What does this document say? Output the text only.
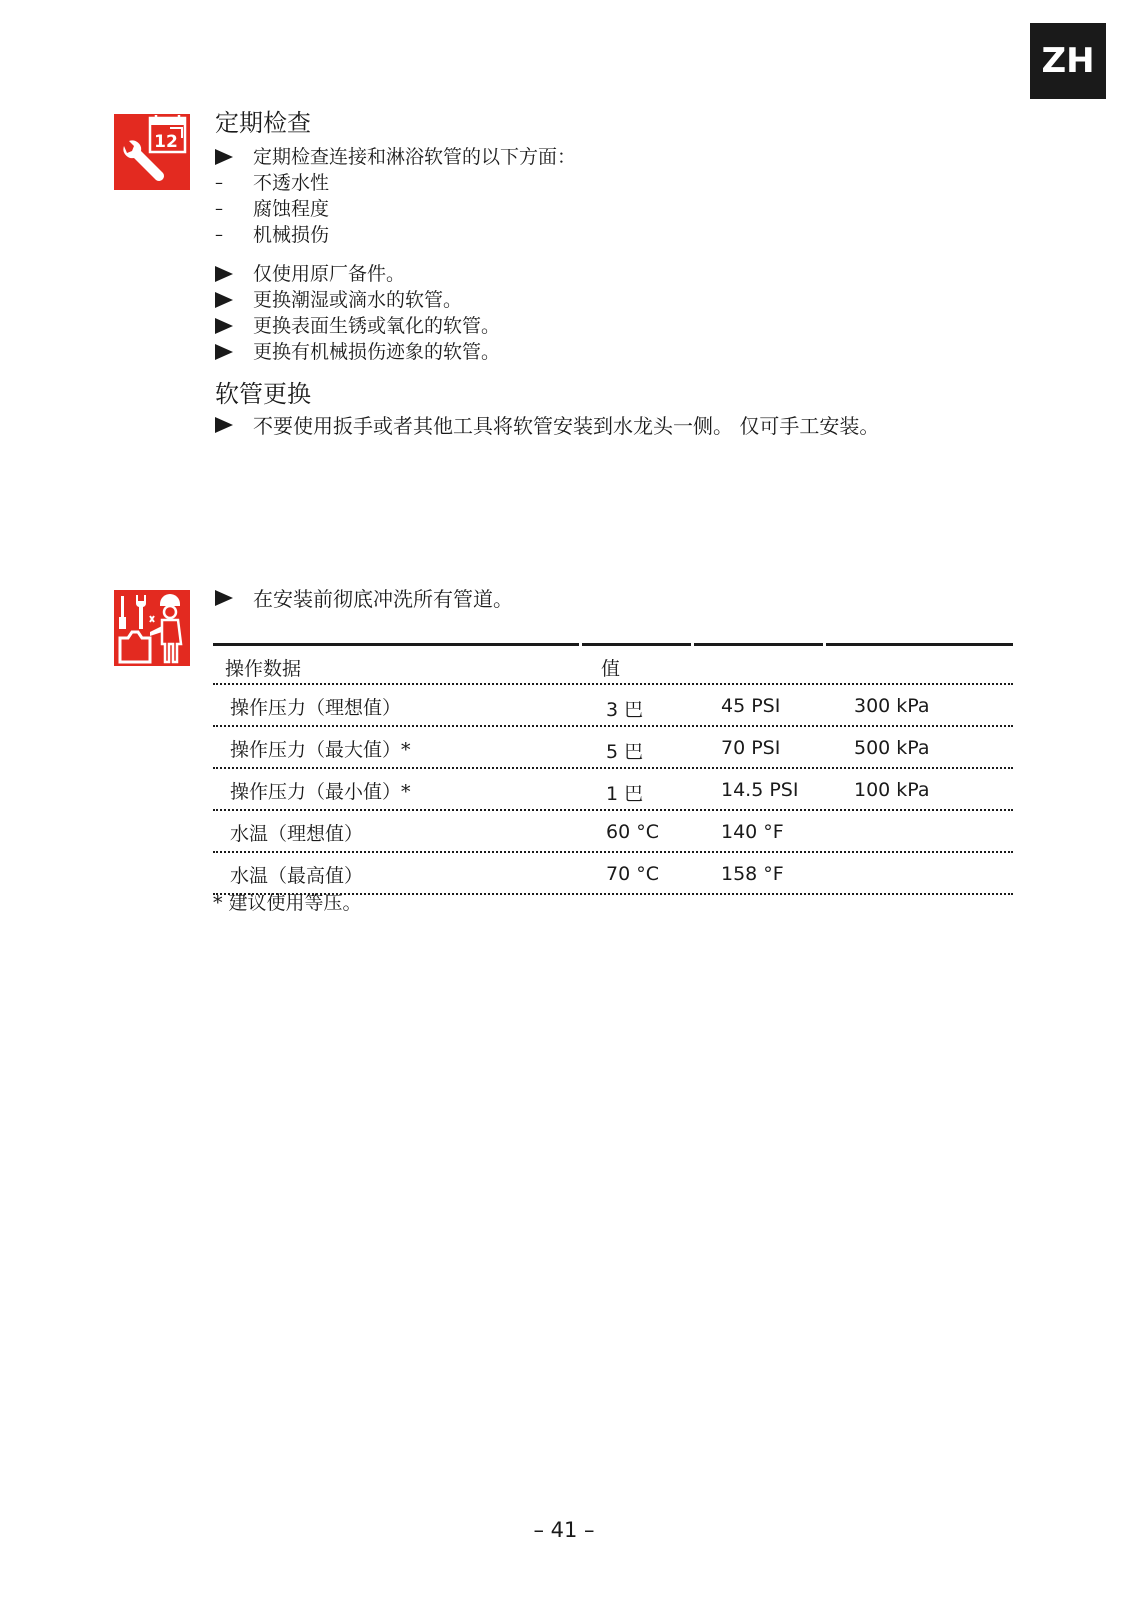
ZH
12
定期检查
定期检查连接和淋浴软管的以下方面：
– 不透水性
– 腐蚀程度
– 机械损伤
仅使用原厂备件。
更换潮湿或滴水的软管。
更换表面生锈或氧化的软管。
更换有机械损伤迹象的软管。
软管更换

不要使用扳手或者其他工具将软管安装到水龙头一侧。 仅可手工安装。

在安装前彻底冲洗所有管道。

操作数据	值
操作压力（理想值）	3 巴	45 PSI	300 kPa
操作压力（最大值）*	5 巴	70 PSI	500 kPa
操作压力（最小值）*	1 巴	14.5 PSI	100 kPa
水温（理想值）	60 °C	140 °F
水温（最高值）	70 °C	158 °F
* 建议使用等压。
– 41 –
